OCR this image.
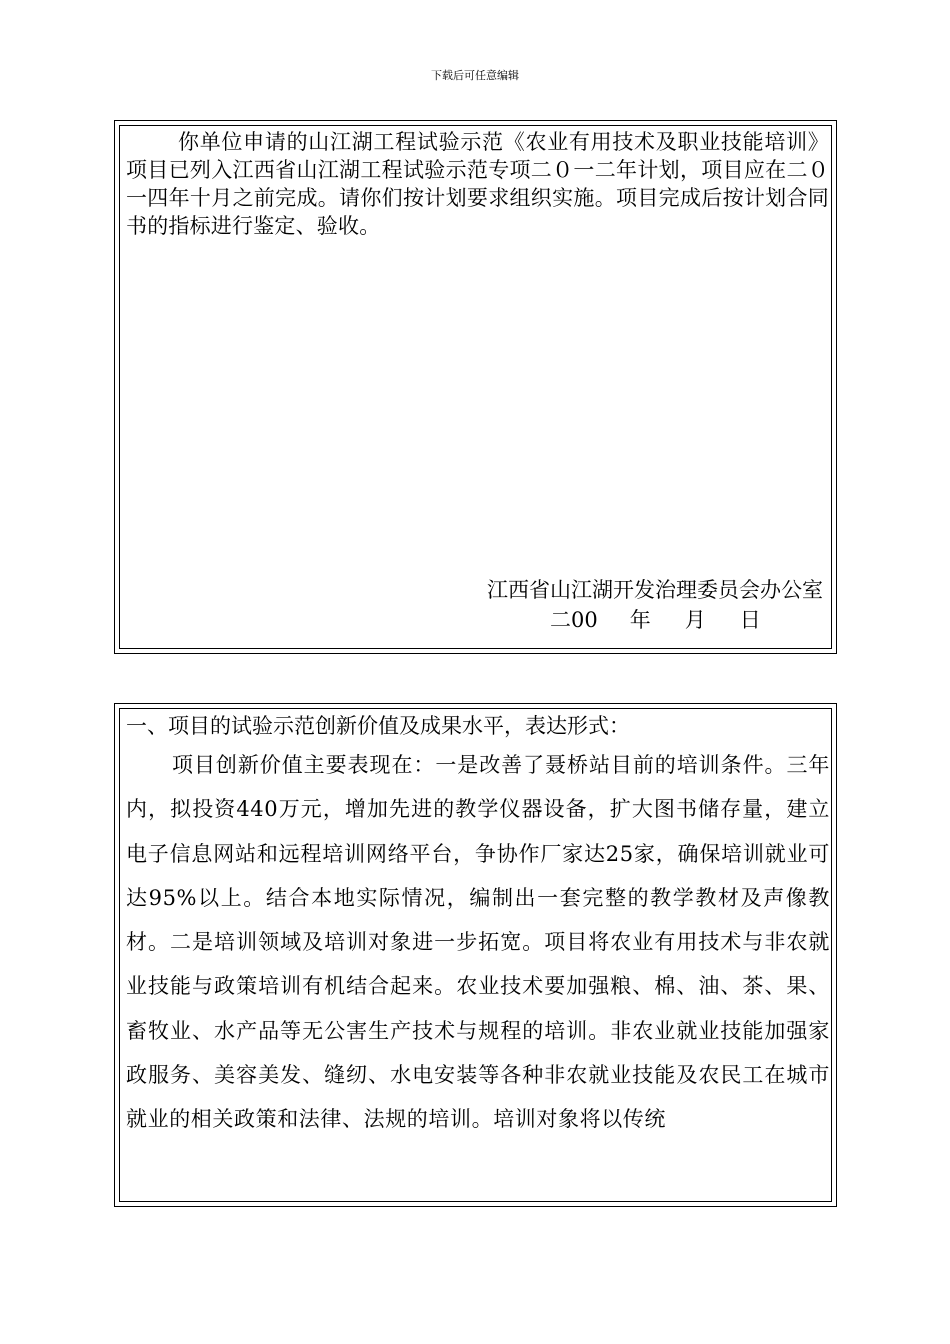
下载后可任意编辑

你单位申请的山江湖工程试验示范《农业有用技术及职业技能培训》项目已列入江西省山江湖工程试验示范专项二０一二年计划，项目应在二０一四年十月之前完成。请你们按计划要求组织实施。项目完成后按计划合同书的指标进行鉴定、验收。

江西省山江湖开发治理委员会办公室
二00 年 月 日

一、项目的试验示范创新价值及成果水平，表达形式：

项目创新价值主要表现在：一是改善了聂桥站目前的培训条件。三年内，拟投资440万元，增加先进的教学仪器设备，扩大图书储存量，建立电子信息网站和远程培训网络平台，争协作厂家达25家，确保培训就业可达95%以上。结合本地实际情况，编制出一套完整的教学教材及声像教材。二是培训领域及培训对象进一步拓宽。项目将农业有用技术与非农就业技能与政策培训有机结合起来。农业技术要加强粮、棉、油、茶、果、畜牧业、水产品等无公害生产技术与规程的培训。非农业就业技能加强家政服务、美容美发、缝纫、水电安装等各种非农就业技能及农民工在城市就业的相关政策和法律、法规的培训。培训对象将以传统
